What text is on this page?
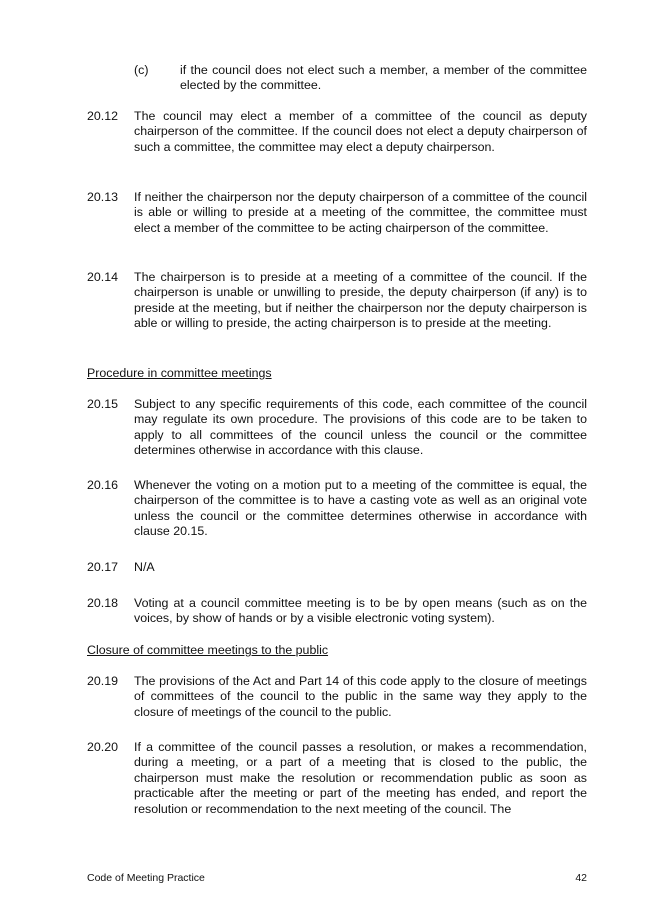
(c)	if the council does not elect such a member, a member of the committee elected by the committee.
20.12 The council may elect a member of a committee of the council as deputy chairperson of the committee. If the council does not elect a deputy chairperson of such a committee, the committee may elect a deputy chairperson.
20.13 If neither the chairperson nor the deputy chairperson of a committee of the council is able or willing to preside at a meeting of the committee, the committee must elect a member of the committee to be acting chairperson of the committee.
20.14 The chairperson is to preside at a meeting of a committee of the council. If the chairperson is unable or unwilling to preside, the deputy chairperson (if any) is to preside at the meeting, but if neither the chairperson nor the deputy chairperson is able or willing to preside, the acting chairperson is to preside at the meeting.
Procedure in committee meetings
20.15 Subject to any specific requirements of this code, each committee of the council may regulate its own procedure. The provisions of this code are to be taken to apply to all committees of the council unless the council or the committee determines otherwise in accordance with this clause.
20.16 Whenever the voting on a motion put to a meeting of the committee is equal, the chairperson of the committee is to have a casting vote as well as an original vote unless the council or the committee determines otherwise in accordance with clause 20.15.
20.17 N/A
20.18 Voting at a council committee meeting is to be by open means (such as on the voices, by show of hands or by a visible electronic voting system).
Closure of committee meetings to the public
20.19 The provisions of the Act and Part 14 of this code apply to the closure of meetings of committees of the council to the public in the same way they apply to the closure of meetings of the council to the public.
20.20 If a committee of the council passes a resolution, or makes a recommendation, during a meeting, or a part of a meeting that is closed to the public, the chairperson must make the resolution or recommendation public as soon as practicable after the meeting or part of the meeting has ended, and report the resolution or recommendation to the next meeting of the council. The
Code of Meeting Practice	42
